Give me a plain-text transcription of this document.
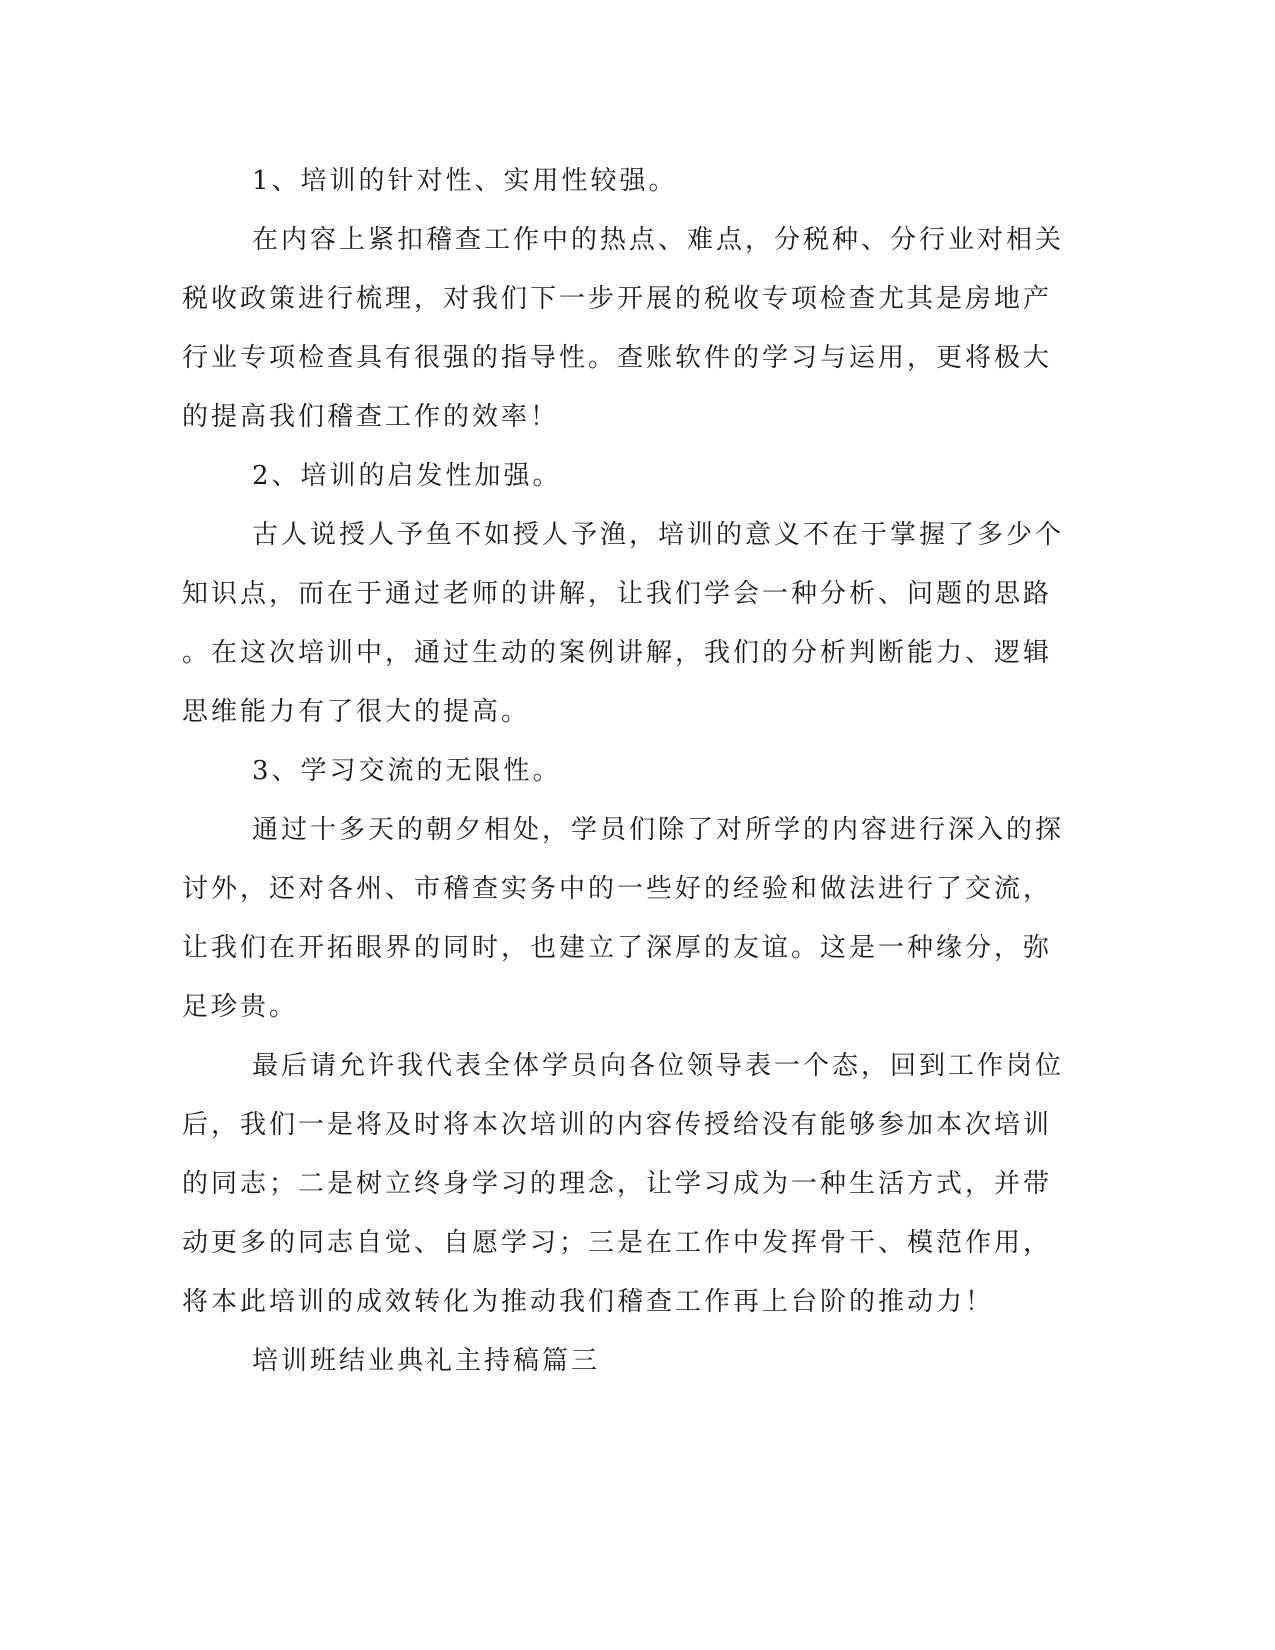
1、培训的针对性、实用性较强。

在内容上紧扣稽查工作中的热点、难点，分税种、分行业对相关

税收政策进行梳理，对我们下一步开展的税收专项检查尤其是房地产

行业专项检查具有很强的指导性。查账软件的学习与运用，更将极大

的提高我们稽查工作的效率！

2、培训的启发性加强。

古人说授人予鱼不如授人予渔，培训的意义不在于掌握了多少个

知识点，而在于通过老师的讲解，让我们学会一种分析、问题的思路

。在这次培训中，通过生动的案例讲解，我们的分析判断能力、逻辑

思维能力有了很大的提高。

3、学习交流的无限性。

通过十多天的朝夕相处，学员们除了对所学的内容进行深入的探

讨外，还对各州、市稽查实务中的一些好的经验和做法进行了交流，

让我们在开拓眼界的同时，也建立了深厚的友谊。这是一种缘分，弥

足珍贵。

最后请允许我代表全体学员向各位领导表一个态，回到工作岗位

后，我们一是将及时将本次培训的内容传授给没有能够参加本次培训

的同志；二是树立终身学习的理念，让学习成为一种生活方式，并带

动更多的同志自觉、自愿学习；三是在工作中发挥骨干、模范作用，

将本此培训的成效转化为推动我们稽查工作再上台阶的推动力！

培训班结业典礼主持稿篇三
